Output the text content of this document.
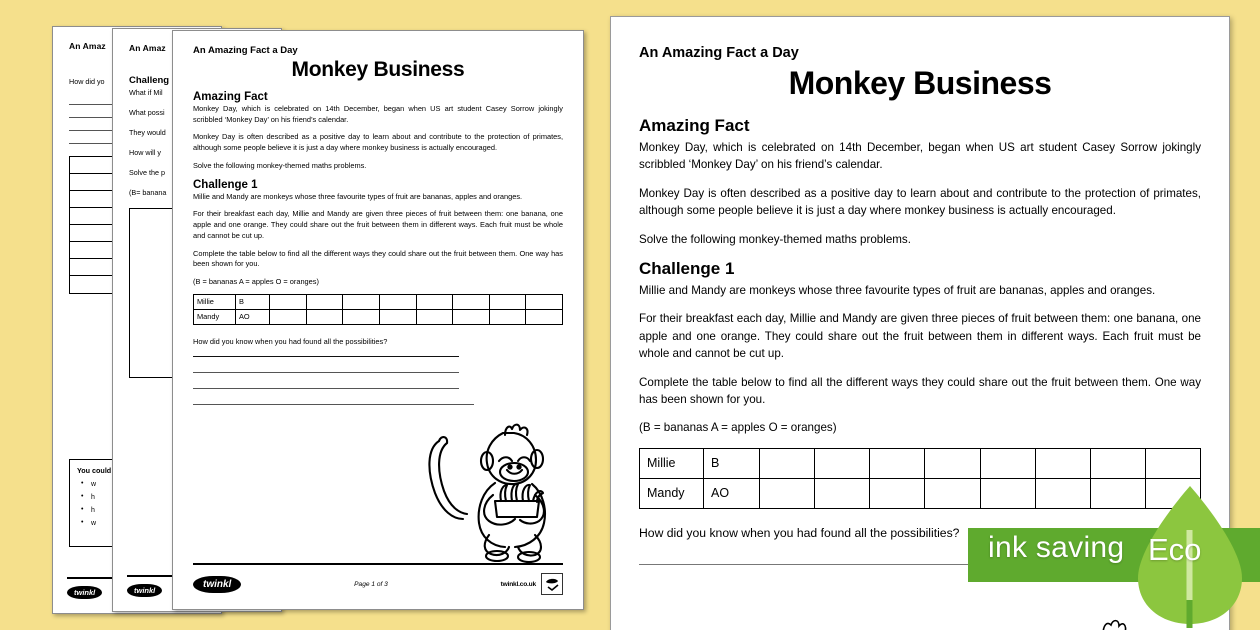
An Amaz
How did yo
You could
• w
• h
• h
• w
twinkl
An Amaz
Challeng
What if Mil
What possi
They would
How will y
Solve the p
(B= banana
twinkl
An Amazing Fact a Day
Monkey Business
Amazing Fact

Monkey Day, which is celebrated on 14th December, began when US art student Casey Sorrow jokingly scribbled ‘Monkey Day’ on his friend’s calendar.

Monkey Day is often described as a positive day to learn about and contribute to the protection of primates, although some people believe it is just a day where monkey business is actually encouraged.

Solve the following monkey-themed maths problems.

Challenge 1

Millie and Mandy are monkeys whose three favourite types of fruit are bananas, apples and oranges.

For their breakfast each day, Millie and Mandy are given three pieces of fruit between them: one banana, one apple and one orange. They could share out the fruit between them in different ways. Each fruit must be whole and cannot be cut up.

Complete the table below to find all the different ways they could share out the fruit between them. One way has been shown for you.

(B = bananas A = apples O = oranges)

Millie	B								
Mandy	AO								
How did you know when you had found all the possibilities?
twinkl	Page 1 of 3	twinkl.co.uk
An Amazing Fact a Day
Monkey Business
Amazing Fact

Monkey Day, which is celebrated on 14th December, began when US art student Casey Sorrow jokingly scribbled ‘Monkey Day’ on his friend’s calendar.

Monkey Day is often described as a positive day to learn about and contribute to the protection of primates, although some people believe it is just a day where monkey business is actually encouraged.

Solve the following monkey-themed maths problems.

Challenge 1

Millie and Mandy are monkeys whose three favourite types of fruit are bananas, apples and oranges.

For their breakfast each day, Millie and Mandy are given three pieces of fruit between them: one banana, one apple and one orange. They could share out the fruit between them in different ways. Each fruit must be whole and cannot be cut up.

Complete the table below to find all the different ways they could share out the fruit between them. One way has been shown for you.

(B = bananas A = apples O = oranges)

Millie	B								
Mandy	AO								
How did you know when you had found all the possibilities? ink saving Eco
